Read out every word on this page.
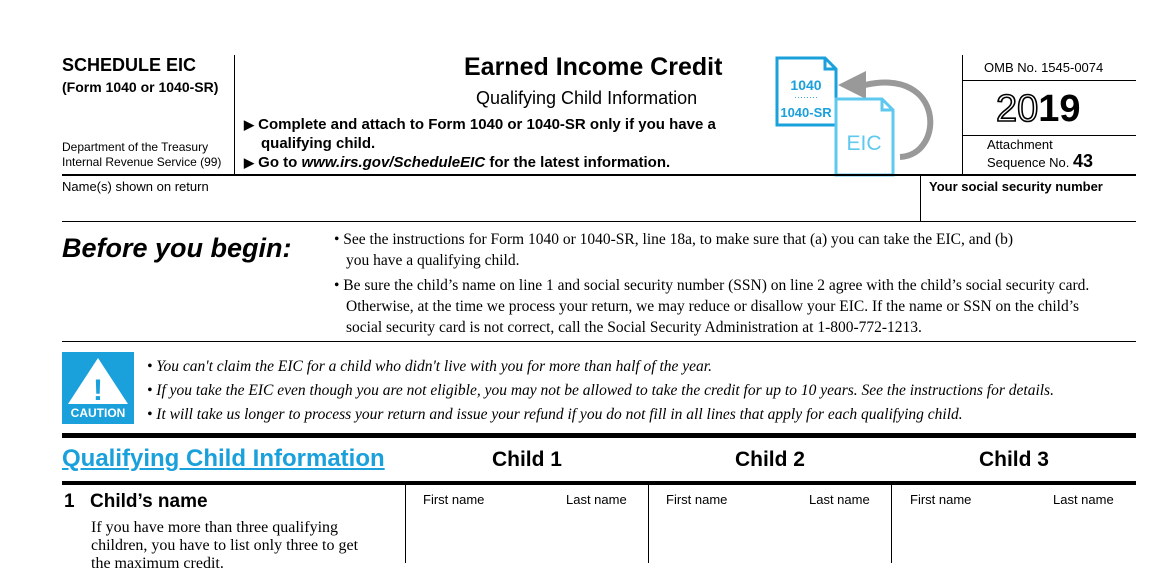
SCHEDULE EIC
(Form 1040 or 1040-SR)
Department of the Treasury
Internal Revenue Service (99)
Earned Income Credit
Qualifying Child Information
▶ Complete and attach to Form 1040 or 1040-SR only if you have a
qualifying child.
▶ Go to www.irs.gov/ScheduleEIC for the latest information.
1040
········
1040-SR
EIC
OMB No. 1545-0074
2019
Attachment
Sequence No. 43
Name(s) shown on return	Your social security number
Before you begin:	• See the instructions for Form 1040 or 1040-SR, line 18a, to make sure that (a) you can take the EIC, and (b)
you have a qualifying child.
• Be sure the child’s name on line 1 and social security number (SSN) on line 2 agree with the child’s social security card.
Otherwise, at the time we process your return, we may reduce or disallow your EIC. If the name or SSN on the child’s
social security card is not correct, call the Social Security Administration at 1-800-772-1213.
!
CAUTION
• You can't claim the EIC for a child who didn't live with you for more than half of the year.
• If you take the EIC even though you are not eligible, you may not be allowed to take the credit for up to 10 years. See the instructions for details.
• It will take us longer to process your return and issue your refund if you do not fill in all lines that apply for each qualifying child.
Qualifying Child Information	Child 1	Child 2	Child 3
1 Child’s name
If you have more than three qualifying
children, you have to list only three to get
the maximum credit.
First name	Last name	First name	Last name	First name	Last name
